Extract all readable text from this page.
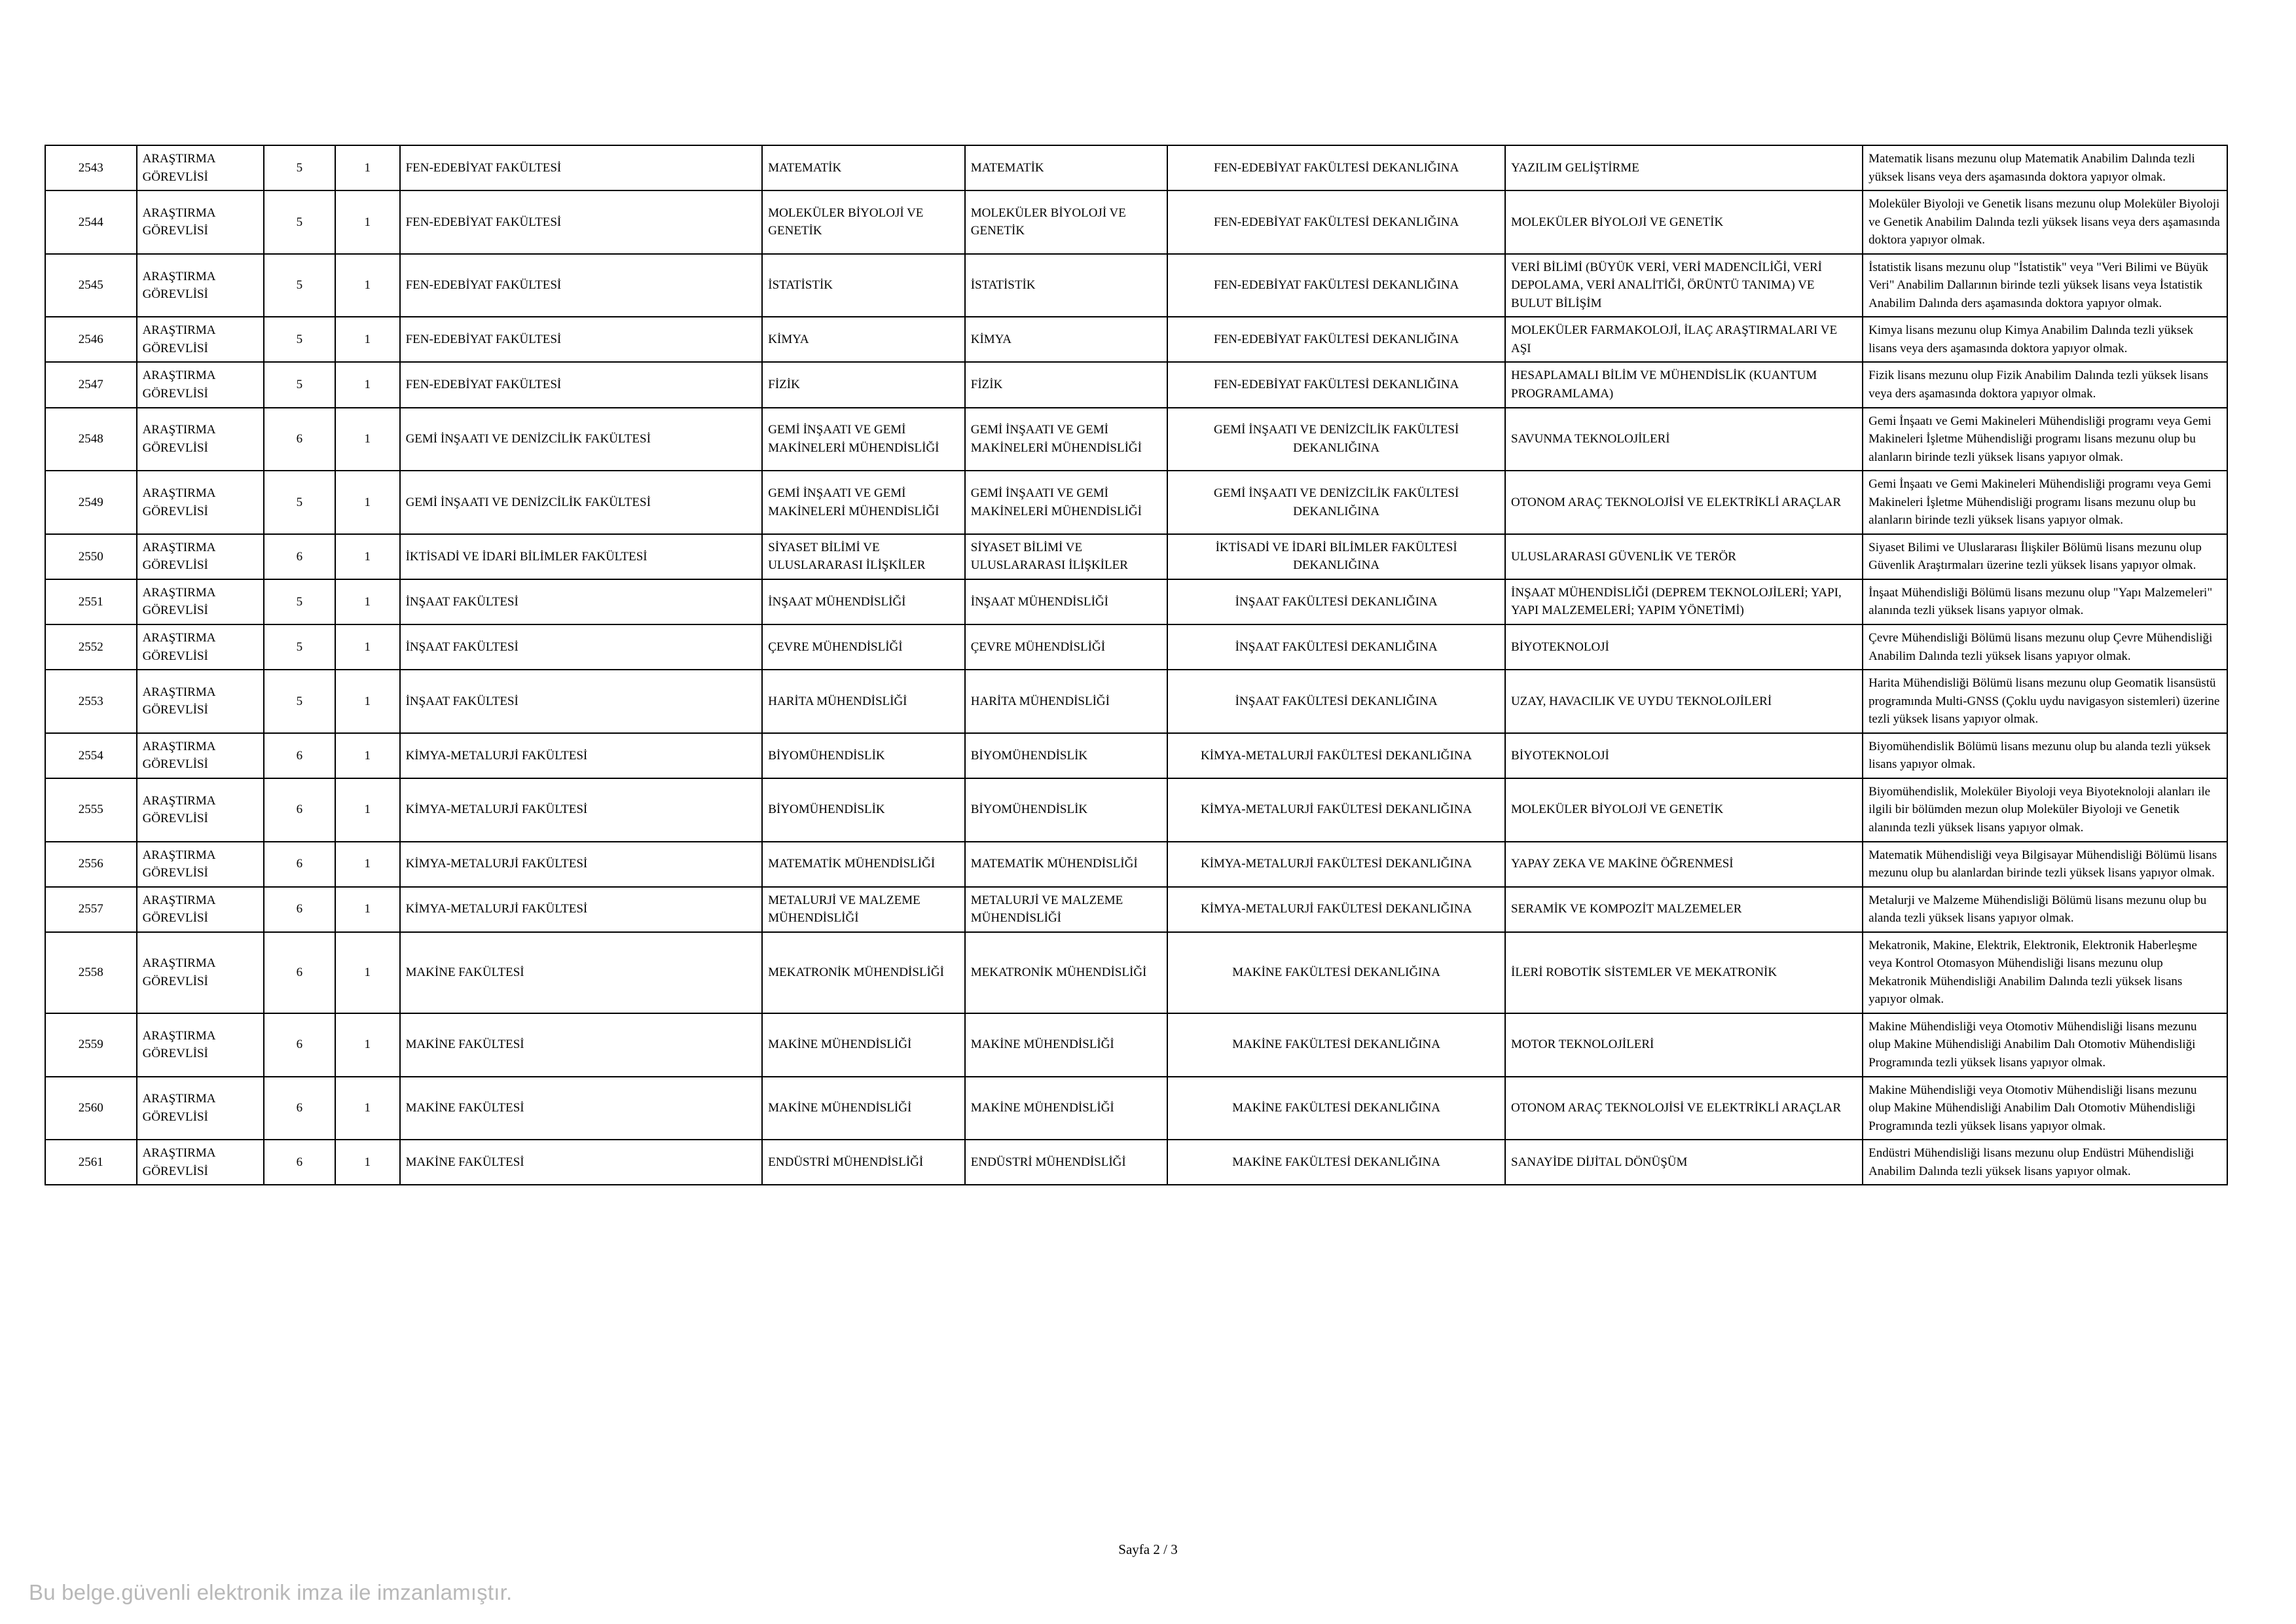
2543	ARAŞTIRMA GÖREVLİSİ	5	1	FEN-EDEBİYAT FAKÜLTESİ	MATEMATİK	MATEMATİK	FEN-EDEBİYAT FAKÜLTESİ DEKANLIĞINA	YAZILIM GELİŞTİRME	Matematik lisans mezunu olup Matematik Anabilim Dalında tezli yüksek lisans veya ders aşamasında doktora yapıyor olmak.
2544	ARAŞTIRMA GÖREVLİSİ	5	1	FEN-EDEBİYAT FAKÜLTESİ	MOLEKÜLER BİYOLOJİ VE GENETİK	MOLEKÜLER BİYOLOJİ VE GENETİK	FEN-EDEBİYAT FAKÜLTESİ DEKANLIĞINA	MOLEKÜLER BİYOLOJİ VE GENETİK	Moleküler Biyoloji ve Genetik lisans mezunu olup Moleküler Biyoloji ve Genetik Anabilim Dalında tezli yüksek lisans veya ders aşamasında doktora yapıyor olmak.
2545	ARAŞTIRMA GÖREVLİSİ	5	1	FEN-EDEBİYAT FAKÜLTESİ	İSTATİSTİK	İSTATİSTİK	FEN-EDEBİYAT FAKÜLTESİ DEKANLIĞINA	VERİ BİLİMİ (BÜYÜK VERİ, VERİ MADENCİLİĞİ, VERİ DEPOLAMA, VERİ ANALİTİĞİ, ÖRÜNTÜ TANIMA) VE BULUT BİLİŞİM	İstatistik lisans mezunu olup "İstatistik" veya "Veri Bilimi ve Büyük Veri" Anabilim Dallarının birinde tezli yüksek lisans veya İstatistik Anabilim Dalında ders aşamasında doktora yapıyor olmak.
2546	ARAŞTIRMA GÖREVLİSİ	5	1	FEN-EDEBİYAT FAKÜLTESİ	KİMYA	KİMYA	FEN-EDEBİYAT FAKÜLTESİ DEKANLIĞINA	MOLEKÜLER FARMAKOLOJİ, İLAÇ ARAŞTIRMALARI VE AŞI	Kimya lisans mezunu olup Kimya Anabilim Dalında tezli yüksek lisans veya ders aşamasında doktora yapıyor olmak.
2547	ARAŞTIRMA GÖREVLİSİ	5	1	FEN-EDEBİYAT FAKÜLTESİ	FİZİK	FİZİK	FEN-EDEBİYAT FAKÜLTESİ DEKANLIĞINA	HESAPLAMALI BİLİM VE MÜHENDİSLİK (KUANTUM PROGRAMLAMA)	Fizik lisans mezunu olup Fizik Anabilim Dalında tezli yüksek lisans veya ders aşamasında doktora yapıyor olmak.
2548	ARAŞTIRMA GÖREVLİSİ	6	1	GEMİ İNŞAATI VE DENİZCİLİK FAKÜLTESİ	GEMİ İNŞAATI VE GEMİ MAKİNELERİ MÜHENDİSLİĞİ	GEMİ İNŞAATI VE GEMİ MAKİNELERİ MÜHENDİSLİĞİ	GEMİ İNŞAATI VE DENİZCİLİK FAKÜLTESİ DEKANLIĞINA	SAVUNMA TEKNOLOJİLERİ	Gemi İnşaatı ve Gemi Makineleri Mühendisliği programı veya Gemi Makineleri İşletme Mühendisliği programı lisans mezunu olup bu alanların birinde tezli yüksek lisans yapıyor olmak.
2549	ARAŞTIRMA GÖREVLİSİ	5	1	GEMİ İNŞAATI VE DENİZCİLİK FAKÜLTESİ	GEMİ İNŞAATI VE GEMİ MAKİNELERİ MÜHENDİSLİĞİ	GEMİ İNŞAATI VE GEMİ MAKİNELERİ MÜHENDİSLİĞİ	GEMİ İNŞAATI VE DENİZCİLİK FAKÜLTESİ DEKANLIĞINA	OTONOM ARAÇ TEKNOLOJİSİ VE ELEKTRİKLİ ARAÇLAR	Gemi İnşaatı ve Gemi Makineleri Mühendisliği programı veya Gemi Makineleri İşletme Mühendisliği programı lisans mezunu olup bu alanların birinde tezli yüksek lisans yapıyor olmak.
2550	ARAŞTIRMA GÖREVLİSİ	6	1	İKTİSADİ VE İDARİ BİLİMLER FAKÜLTESİ	SİYASET BİLİMİ VE ULUSLARARASI İLİŞKİLER	SİYASET BİLİMİ VE ULUSLARARASI İLİŞKİLER	İKTİSADİ VE İDARİ BİLİMLER FAKÜLTESİ DEKANLIĞINA	ULUSLARARASI GÜVENLİK VE TERÖR	Siyaset Bilimi ve Uluslararası İlişkiler Bölümü lisans mezunu olup Güvenlik Araştırmaları üzerine tezli yüksek lisans yapıyor olmak.
2551	ARAŞTIRMA GÖREVLİSİ	5	1	İNŞAAT FAKÜLTESİ	İNŞAAT MÜHENDİSLİĞİ	İNŞAAT MÜHENDİSLİĞİ	İNŞAAT FAKÜLTESİ DEKANLIĞINA	İNŞAAT MÜHENDİSLİĞİ (DEPREM TEKNOLOJİLERİ; YAPI, YAPI MALZEMELERİ; YAPIM YÖNETİMİ)	İnşaat Mühendisliği Bölümü lisans mezunu olup "Yapı Malzemeleri" alanında tezli yüksek lisans yapıyor olmak.
2552	ARAŞTIRMA GÖREVLİSİ	5	1	İNŞAAT FAKÜLTESİ	ÇEVRE MÜHENDİSLİĞİ	ÇEVRE MÜHENDİSLİĞİ	İNŞAAT FAKÜLTESİ DEKANLIĞINA	BİYOTEKNOLOJİ	Çevre Mühendisliği Bölümü lisans mezunu olup Çevre Mühendisliği Anabilim Dalında tezli yüksek lisans yapıyor olmak.
2553	ARAŞTIRMA GÖREVLİSİ	5	1	İNŞAAT FAKÜLTESİ	HARİTA MÜHENDİSLİĞİ	HARİTA MÜHENDİSLİĞİ	İNŞAAT FAKÜLTESİ DEKANLIĞINA	UZAY, HAVACILIK VE UYDU TEKNOLOJİLERİ	Harita Mühendisliği Bölümü lisans mezunu olup Geomatik lisansüstü programında Multi-GNSS (Çoklu uydu navigasyon sistemleri) üzerine tezli yüksek lisans yapıyor olmak.
2554	ARAŞTIRMA GÖREVLİSİ	6	1	KİMYA-METALURJİ FAKÜLTESİ	BİYOMÜHENDİSLİK	BİYOMÜHENDİSLİK	KİMYA-METALURJİ FAKÜLTESİ DEKANLIĞINA	BİYOTEKNOLOJİ	Biyomühendislik Bölümü lisans mezunu olup bu alanda tezli yüksek lisans yapıyor olmak.
2555	ARAŞTIRMA GÖREVLİSİ	6	1	KİMYA-METALURJİ FAKÜLTESİ	BİYOMÜHENDİSLİK	BİYOMÜHENDİSLİK	KİMYA-METALURJİ FAKÜLTESİ DEKANLIĞINA	MOLEKÜLER BİYOLOJİ VE GENETİK	Biyomühendislik, Moleküler Biyoloji veya Biyoteknoloji alanları ile ilgili bir bölümden mezun olup Moleküler Biyoloji ve Genetik alanında tezli yüksek lisans yapıyor olmak.
2556	ARAŞTIRMA GÖREVLİSİ	6	1	KİMYA-METALURJİ FAKÜLTESİ	MATEMATİK MÜHENDİSLİĞİ	MATEMATİK MÜHENDİSLİĞİ	KİMYA-METALURJİ FAKÜLTESİ DEKANLIĞINA	YAPAY ZEKA VE MAKİNE ÖĞRENMESİ	Matematik Mühendisliği veya Bilgisayar Mühendisliği Bölümü lisans mezunu olup bu alanlardan birinde tezli yüksek lisans yapıyor olmak.
2557	ARAŞTIRMA GÖREVLİSİ	6	1	KİMYA-METALURJİ FAKÜLTESİ	METALURJİ VE MALZEME MÜHENDİSLİĞİ	METALURJİ VE MALZEME MÜHENDİSLİĞİ	KİMYA-METALURJİ FAKÜLTESİ DEKANLIĞINA	SERAMİK VE KOMPOZİT MALZEMELER	Metalurji ve Malzeme Mühendisliği Bölümü lisans mezunu olup bu alanda tezli yüksek lisans yapıyor olmak.
2558	ARAŞTIRMA GÖREVLİSİ	6	1	MAKİNE FAKÜLTESİ	MEKATRONİK MÜHENDİSLİĞİ	MEKATRONİK MÜHENDİSLİĞİ	MAKİNE FAKÜLTESİ DEKANLIĞINA	İLERİ ROBOTİK SİSTEMLER VE MEKATRONİK	Mekatronik, Makine, Elektrik, Elektronik, Elektronik Haberleşme veya Kontrol Otomasyon Mühendisliği lisans mezunu olup Mekatronik Mühendisliği Anabilim Dalında tezli yüksek lisans yapıyor olmak.
2559	ARAŞTIRMA GÖREVLİSİ	6	1	MAKİNE FAKÜLTESİ	MAKİNE MÜHENDİSLİĞİ	MAKİNE MÜHENDİSLİĞİ	MAKİNE FAKÜLTESİ DEKANLIĞINA	MOTOR TEKNOLOJİLERİ	Makine Mühendisliği veya Otomotiv Mühendisliği lisans mezunu olup Makine Mühendisliği Anabilim Dalı Otomotiv Mühendisliği Programında tezli yüksek lisans yapıyor olmak.
2560	ARAŞTIRMA GÖREVLİSİ	6	1	MAKİNE FAKÜLTESİ	MAKİNE MÜHENDİSLİĞİ	MAKİNE MÜHENDİSLİĞİ	MAKİNE FAKÜLTESİ DEKANLIĞINA	OTONOM ARAÇ TEKNOLOJİSİ VE ELEKTRİKLİ ARAÇLAR	Makine Mühendisliği veya Otomotiv Mühendisliği lisans mezunu olup Makine Mühendisliği Anabilim Dalı Otomotiv Mühendisliği Programında tezli yüksek lisans yapıyor olmak.
2561	ARAŞTIRMA GÖREVLİSİ	6	1	MAKİNE FAKÜLTESİ	ENDÜSTRİ MÜHENDİSLİĞİ	ENDÜSTRİ MÜHENDİSLİĞİ	MAKİNE FAKÜLTESİ DEKANLIĞINA	SANAYİDE DİJİTAL DÖNÜŞÜM	Endüstri Mühendisliği lisans mezunu olup Endüstri Mühendisliği Anabilim Dalında tezli yüksek lisans yapıyor olmak.
Sayfa 2 / 3
Bu belge.güvenli elektronik imza ile imzanlamıştır.
